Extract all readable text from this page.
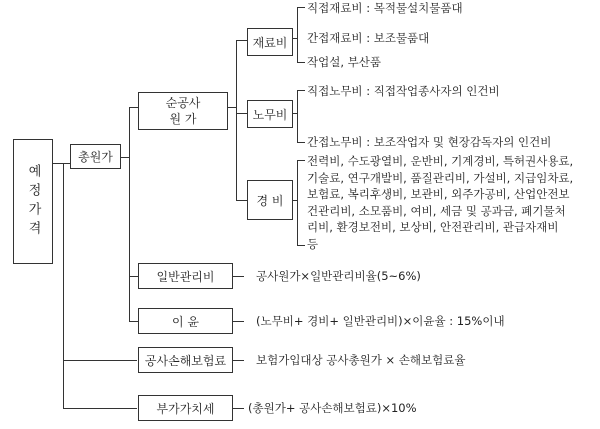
예정가격
총원가
순공사
원 가
재료비
노무비
경 비
일반관리비
이 윤
공사손해보험료
부가가치세
직접재료비 : 목적물설치물품대
간접재료비 : 보조물품대
작업설, 부산품
직접노무비 : 직접작업종사자의 인건비
간접노무비 : 보조작업자 및 현장감독자의 인건비
전력비, 수도광열비, 운반비, 기계경비, 특허권사용료,
기술료, 연구개발비, 품질관리비, 가설비, 지급임차료,
보험료, 복리후생비, 보관비, 외주가공비, 산업안전보
건관리비, 소모품비, 여비, 세금 및 공과금, 폐기물처
리비, 환경보전비, 보상비, 안전관리비, 관급자재비
등
공사원가×일반관리비율(5~6%)
(노무비+ 경비+ 일반관리비)×이윤율 : 15%이내
보험가입대상 공사총원가 × 손해보험료율
(총원가+ 공사손해보험료)×10%
